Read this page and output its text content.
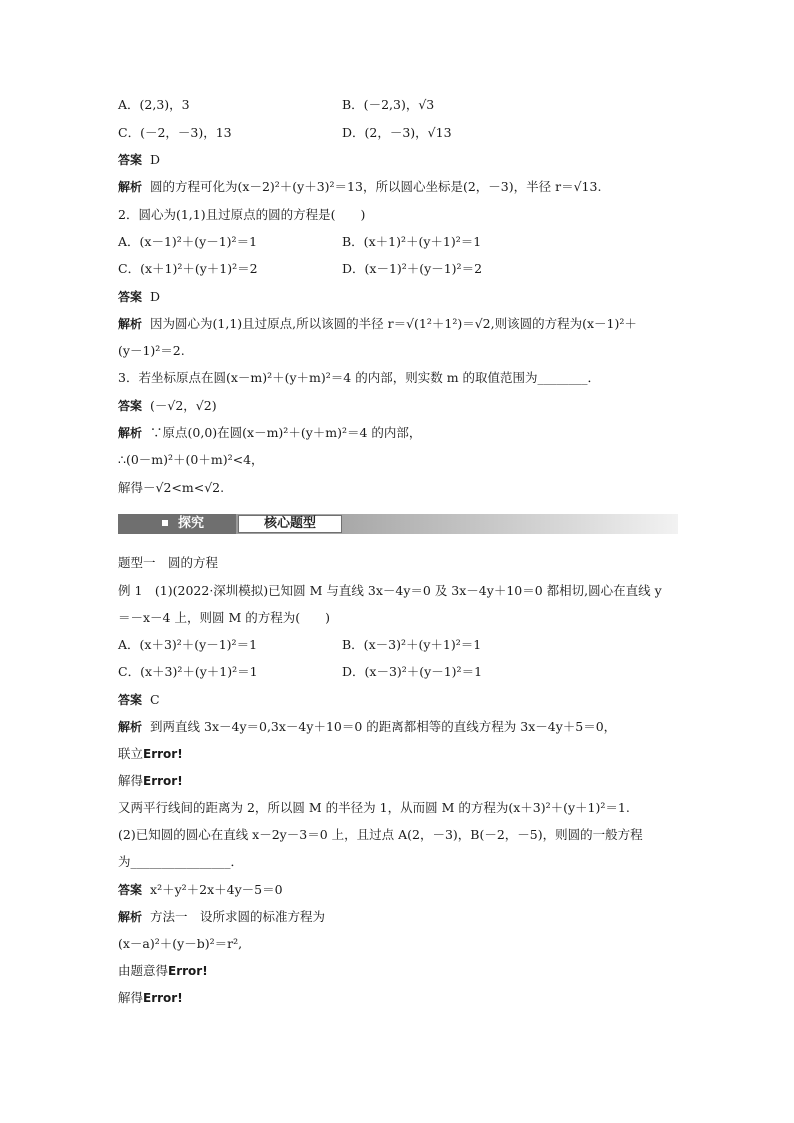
A．(2,3)，3	B．(－2,3)，√3
C．(－2，－3)，13	D．(2，－3)，√13
答案 D
解析 圆的方程可化为(x－2)²＋(y＋3)²＝13，所以圆心坐标是(2，－3)，半径 r＝√13.
2．圆心为(1,1)且过原点的圆的方程是(　　)
A．(x－1)²＋(y－1)²＝1	B．(x＋1)²＋(y＋1)²＝1
C．(x＋1)²＋(y＋1)²＝2	D．(x－1)²＋(y－1)²＝2
答案 D
解析 因为圆心为(1,1)且过原点,所以该圆的半径 r＝√(1²＋1²)＝√2,则该圆的方程为(x－1)²＋
(y－1)²＝2.
3．若坐标原点在圆(x－m)²＋(y＋m)²＝4 的内部，则实数 m 的取值范围为________．
答案 (－√2，√2)
解析 ∵原点(0,0)在圆(x－m)²＋(y＋m)²＝4 的内部，
∴(0－m)²＋(0＋m)²<4，
解得－√2<m<√2.
探究	核心题型
题型一　圆的方程
例 1　(1)(2022·深圳模拟)已知圆 M 与直线 3x－4y＝0 及 3x－4y＋10＝0 都相切,圆心在直线 y
＝－x－4 上，则圆 M 的方程为(　　)
A．(x＋3)²＋(y－1)²＝1	B．(x－3)²＋(y＋1)²＝1
C．(x＋3)²＋(y＋1)²＝1	D．(x－3)²＋(y－1)²＝1
答案 C
解析 到两直线 3x－4y＝0,3x－4y＋10＝0 的距离都相等的直线方程为 3x－4y＋5＝0，
联立Error!
解得Error!
又两平行线间的距离为 2，所以圆 M 的半径为 1，从而圆 M 的方程为(x＋3)²＋(y＋1)²＝1.
(2)已知圆的圆心在直线 x－2y－3＝0 上，且过点 A(2，－3)，B(－2，－5)，则圆的一般方程
为________________．
答案 x²＋y²＋2x＋4y－5＝0
解析 方法一　设所求圆的标准方程为
(x－a)²＋(y－b)²＝r²,
由题意得Error!
解得Error!
